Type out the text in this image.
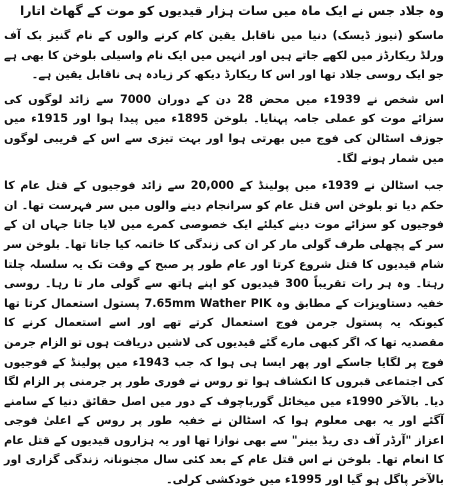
وہ جلاد جس نے ایک ماہ میں سات ہزار قیدیوں کو موت کے گھاٹ اتارا

ماسکو (نیوز ڈیسک) دنیا میں ناقابل یقین کام کرنے والوں کے نام گنیز بک آف ورلڈ ریکارڈز میں لکھے جاتے ہیں اور انہیں میں ایک نام واسیلی بلوخن کا بھی ہے جو ایک روسی جلاد تھا اور اس کا ریکارڈ دیکھ کر زیادہ ہی ناقابل یقین ہے۔

اس شخص نے 1939ء میں محض 28 دن کے دوران 7000 سے زائد لوگوں کی سزائے موت کو عملی جامہ پہنایا۔ بلوخن 1895ء میں پیدا ہوا اور 1915ء میں جوزف اسٹالن کی فوج میں بھرتی ہوا اور بہت تیزی سے اس کے قریبی لوگوں میں شمار ہونے لگا۔

جب اسٹالن نے 1939ء میں پولینڈ کے 20,000 سے زائد فوجیوں کے قتل عام کا حکم دیا تو بلوخن اس قتل عام کو سرانجام دینے والوں میں سر فہرست تھا۔ ان فوجیوں کو سزائے موت دینے کیلئے ایک خصوصی کمرے میں لایا جاتا جہاں ان کے سر کے پچھلی طرف گولی مار کر ان کی زندگی کا خاتمہ کیا جاتا تھا۔ بلوخن سر شام قیدیوں کا قتل شروع کرتا اور عام طور پر صبح کے وقت تک یہ سلسلہ چلتا رہتا۔ وہ ہر رات تقریباً 300 قیدیوں کو اپنے ہاتھ سے گولی مار تا رہا۔ روسی خفیہ دستاویزات کے مطابق وہ 7.65mm Wather PIK پستول استعمال کرتا تھا کیونکہ یہ پستول جرمن فوج استعمال کرتے تھے اور اسے استعمال کرنے کا مقصدیہ تھا کہ اگر کبھی مارے گئے قیدیوں کی لاشیں دریافت ہوں تو الزام جرمن فوج پر لگایا جاسکے اور پھر ایسا ہی ہوا کہ جب 1943ء میں پولینڈ کے فوجیوں کی اجتماعی قبروں کا انکشاف ہوا تو روس نے فوری طور پر جرمنی پر الزام لگا دیا۔ بالآخر 1990ء میں میخائل گورباچوف کے دور میں اصل حقائق دنیا کے سامنے آگئے اور یہ بھی معلوم ہوا کہ اسٹالن نے خفیہ طور پر روس کے اعلیٰ فوجی اعزاز "آرڈر آف دی ریڈ بینر" سے بھی نوازا تھا اور یہ ہزاروں قیدیوں کے قتل عام کا انعام تھا۔ بلوخن نے اس قتل عام کے بعد کئی سال مجنونانہ زندگی گزاری اور بالآخر پاگل ہو گیا اور 1995ء میں خودکشی کرلی۔
